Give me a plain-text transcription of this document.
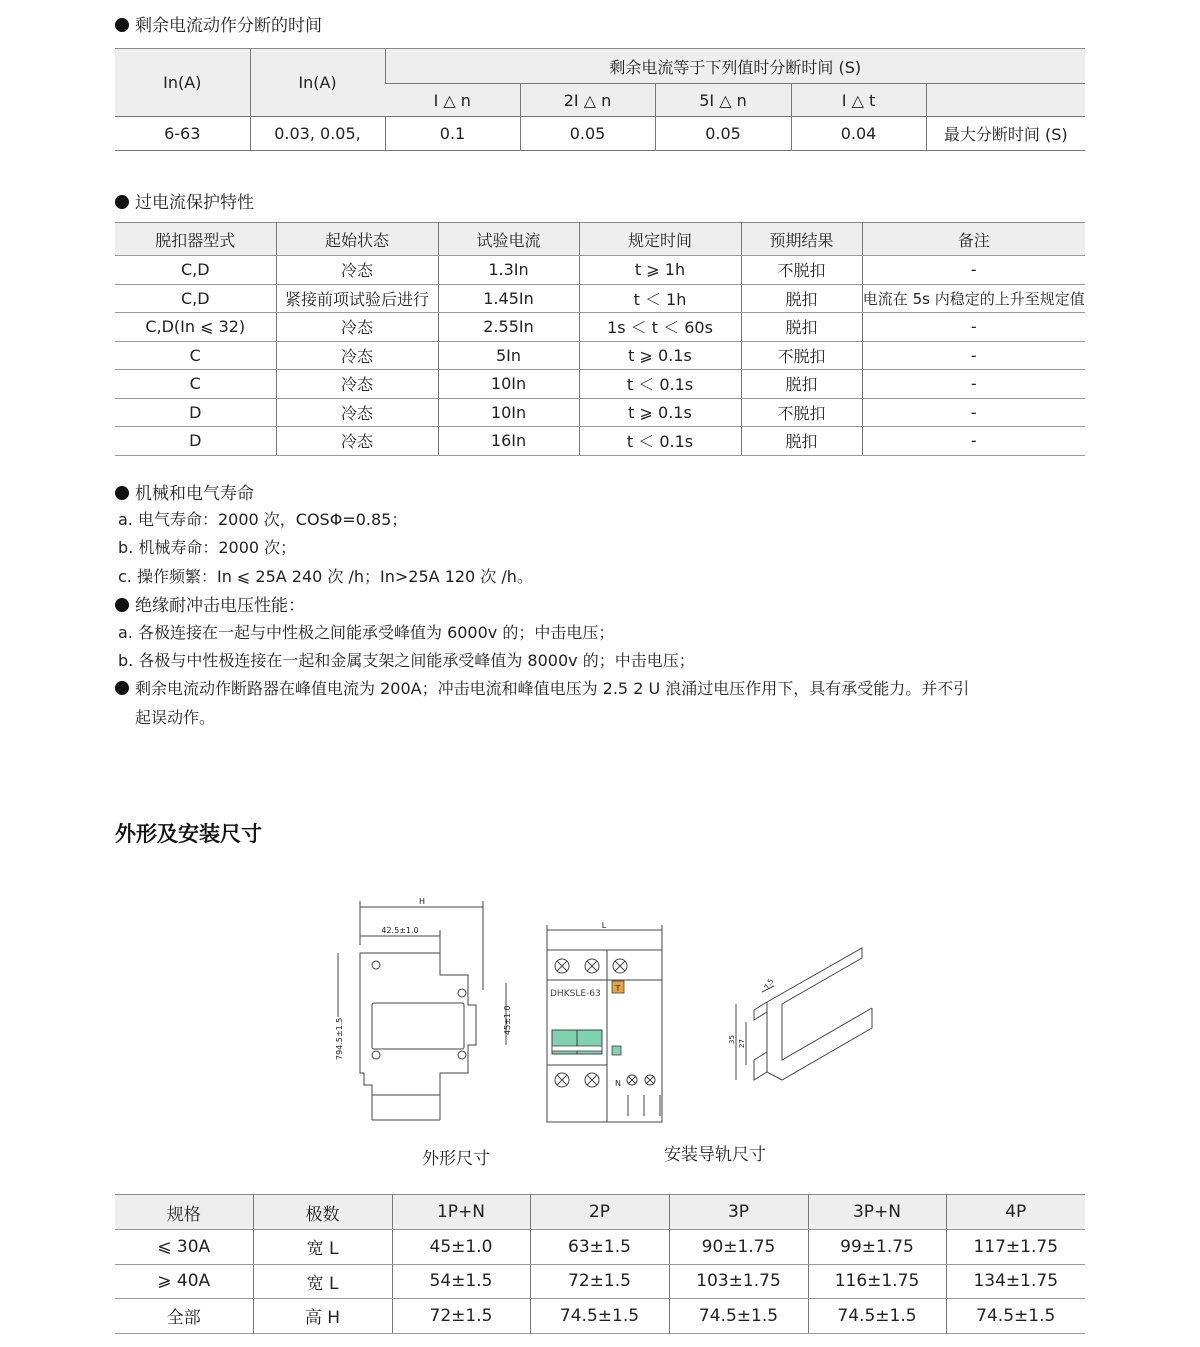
剩余电流动作分断的时间
In(A)	In(A)	剩余电流等于下列值时分断时间 (S)				
		I △ n	2I △ n	5I △ n	I △ t	
6-63	0.03, 0.05,	0.1	0.05	0.05	0.04	最大分断时间 (S)
过电流保护特性
脱扣器型式	起始状态	试验电流	规定时间	预期结果	备注
C,D	冷态	1.3In	t ⩾ 1h	不脱扣	-
C,D	紧接前项试验后进行	1.45In	t ＜ 1h	脱扣	电流在 5s 内稳定的上升至规定值
C,D(In ⩽ 32)	冷态	2.55In	1s ＜ t ＜ 60s	脱扣	-
C	冷态	5In	t ⩾ 0.1s	不脱扣	-
C	冷态	10In	t ＜ 0.1s	脱扣	-
D	冷态	10In	t ⩾ 0.1s	不脱扣	-
D	冷态	16In	t ＜ 0.1s	脱扣	-
机械和电气寿命
a. 电气寿命：2000 次，COSΦ=0.85；
b. 机械寿命：2000 次；
c. 操作频繁：In ⩽ 25A 240 次 /h；In>25A 120 次 /h。
绝缘耐冲击电压性能：
a. 各极连接在一起与中性极之间能承受峰值为 6000v 的；中击电压；
b. 各极与中性极连接在一起和金属支架之间能承受峰值为 8000v 的；中击电压；
剩余电流动作断路器在峰值电流为 200A；冲击电流和峰值电压为 2.5 2 U 浪涌过电压作用下，具有承受能力。并不引
起误动作。
外形及安装尺寸
H
42.5±1.0
794.5±1.5	45±1.0
L
DHKSLE-63
T
N
7.5
35 27
外形尺寸	安装导轨尺寸
规格	极数	1P+N	2P	3P	3P+N	4P
⩽ 30A	宽 L	45±1.0	63±1.5	90±1.75	99±1.75	117±1.75
⩾ 40A	宽 L	54±1.5	72±1.5	103±1.75	116±1.75	134±1.75
全部	高 H	72±1.5	74.5±1.5	74.5±1.5	74.5±1.5	74.5±1.5
